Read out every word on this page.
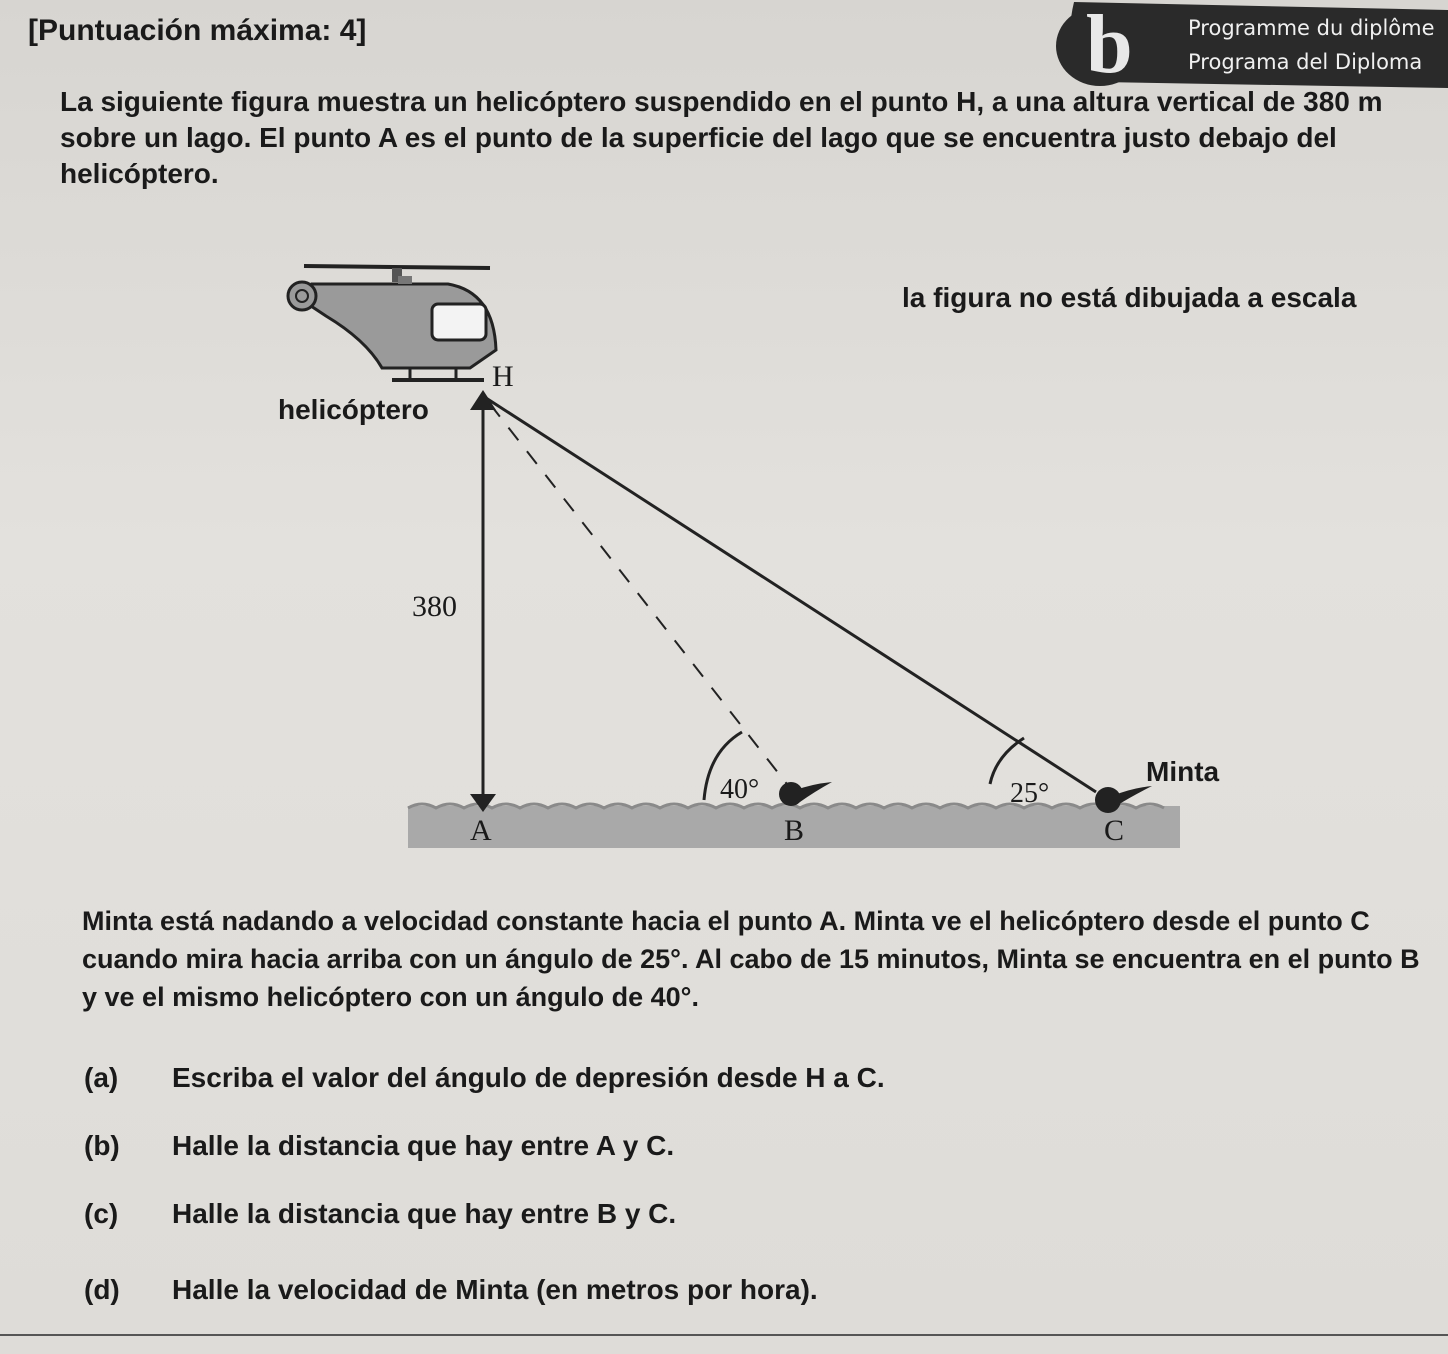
[Puntuación máxima: 4]	b	Programme du diplôme
Programa del Diploma

La siguiente figura muestra un helicóptero suspendido en el punto H, a una altura vertical de 380 m sobre un lago. El punto A es el punto de la superficie del lago que se encuentra justo debajo del helicóptero.

la figura no está dibujada a escala
H
helicóptero
380
40°	25°
Minta
A	B	C

Minta está nadando a velocidad constante hacia el punto A. Minta ve el helicóptero desde el punto C cuando mira hacia arriba con un ángulo de 25°. Al cabo de 15 minutos, Minta se encuentra en el punto B y ve el mismo helicóptero con un ángulo de 40°.

(a) Escriba el valor del ángulo de depresión desde H a C.
(b) Halle la distancia que hay entre A y C.
(c) Halle la distancia que hay entre B y C.
(d) Halle la velocidad de Minta (en metros por hora).
